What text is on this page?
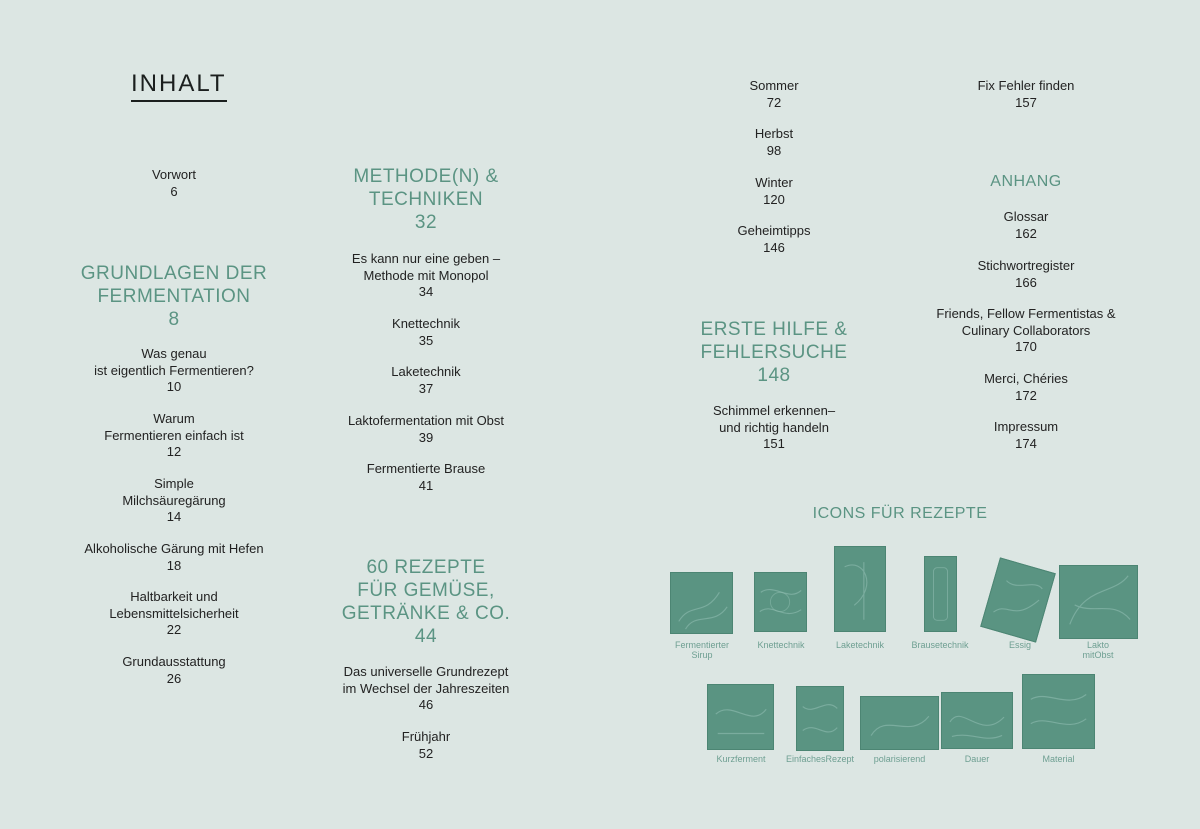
INHALT
Vorwort
6
GRUNDLAGEN DER
FERMENTATION
8
Was genau
ist eigentlich Fermentieren?
10
Warum
Fermentieren einfach ist
12
Simple
Milchsäuregärung
14
Alkoholische Gärung mit Hefen
18
Haltbarkeit und
Lebensmittelsicherheit
22
Grundausstattung
26
METHODE(N) &
TECHNIKEN
32
Es kann nur eine geben –
Methode mit Monopol
34
Knettechnik
35
Laketechnik
37
Laktofermentation mit Obst
39
Fermentierte Brause
41
60 REZEPTE
FÜR GEMÜSE,
GETRÄNKE & CO.
44
Das universelle Grundrezept
im Wechsel der Jahreszeiten
46
Frühjahr
52
Sommer
72
Herbst
98
Winter
120
Geheimtipps
146
ERSTE HILFE &
FEHLERSUCHE
148
Schimmel erkennen–
und richtig handeln
151
Fix Fehler finden
157
ANHANG
Glossar
162
Stichwortregister
166
Friends, Fellow Fermentistas &
Culinary Collaborators
170
Merci, Chéries
172
Impressum
174
ICONS FÜR REZEPTE
Fermentierter
Sirup
Knettechnik	Laketechnik	Brausetechnik	Essig	Lakto
mitObst
Kurzferment	EinfachesRezept	polarisierend	Dauer	Material
